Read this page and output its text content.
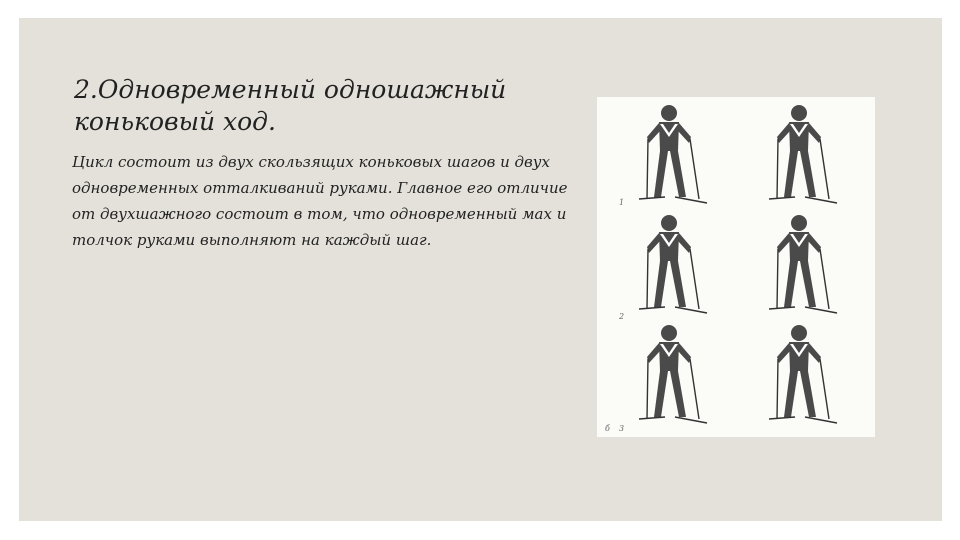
2.Одновременный одношажный коньковый ход.

Цикл состоит из двух скользящих коньковых шагов и двух одновременных отталкиваний руками. Главное его отличие от двухшажного состоит в том, что одновременный мах и толчок руками выполняют на каждый шаг.

1
2
3
б
